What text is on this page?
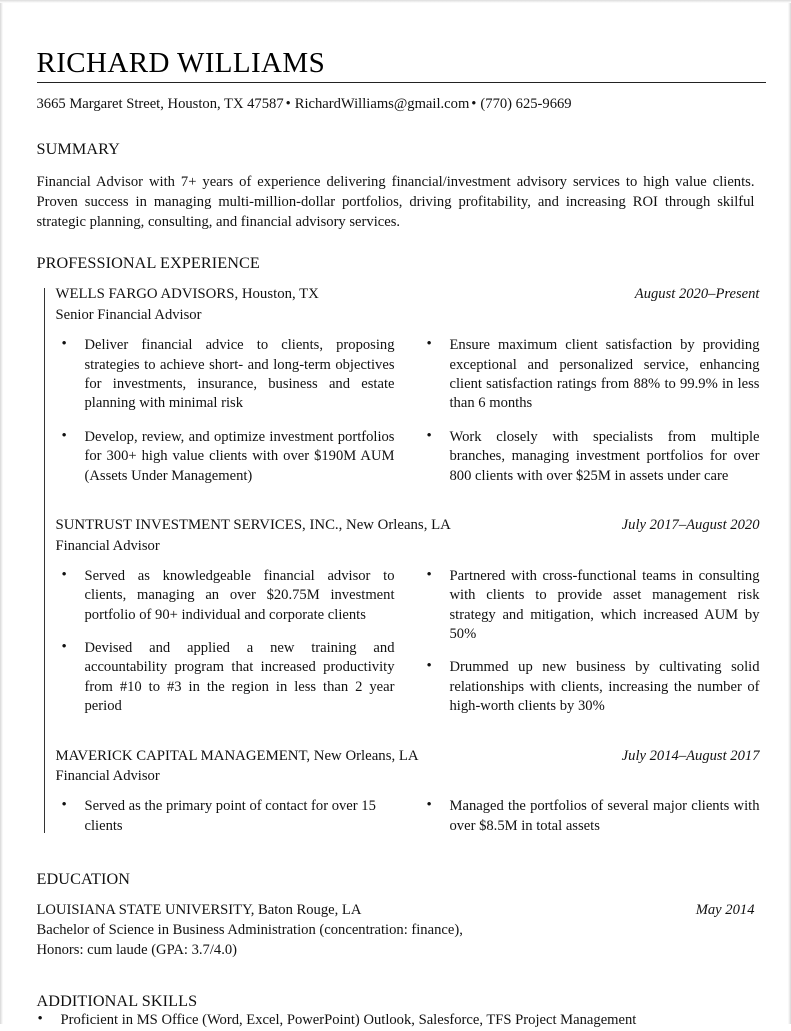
RICHARD WILLIAMS
3665 Margaret Street, Houston, TX 47587 • RichardWilliams@gmail.com • (770) 625-9669
SUMMARY

Financial Advisor with 7+ years of experience delivering financial/investment advisory services to high value clients. Proven success in managing multi-million-dollar portfolios, driving profitability, and increasing ROI through skilful strategic planning, consulting, and financial advisory services.

PROFESSIONAL EXPERIENCE
WELLS FARGO ADVISORS, Houston, TX	August 2020–Present
Senior Financial Advisor
• Deliver financial advice to clients, proposing strategies to achieve short- and long-term objectives for investments, insurance, business and estate planning with minimal risk
• Develop, review, and optimize investment portfolios for 300+ high value clients with over $190M AUM (Assets Under Management)
• Ensure maximum client satisfaction by providing exceptional and personalized service, enhancing client satisfaction ratings from 88% to 99.9% in less than 6 months
• Work closely with specialists from multiple branches, managing investment portfolios for over 800 clients with over $25M in assets under care
SUNTRUST INVESTMENT SERVICES, INC., New Orleans, LA	July 2017–August 2020
Financial Advisor
• Served as knowledgeable financial advisor to clients, managing an over $20.75M investment portfolio of 90+ individual and corporate clients
• Devised and applied a new training and accountability program that increased productivity from #10 to #3 in the region in less than 2 year period
• Partnered with cross-functional teams in consulting with clients to provide asset management risk strategy and mitigation, which increased AUM by 50%
• Drummed up new business by cultivating solid relationships with clients, increasing the number of high-worth clients by 30%
MAVERICK CAPITAL MANAGEMENT, New Orleans, LA	July 2014–August 2017
Financial Advisor
• Served as the primary point of contact for over 15 clients
• Managed the portfolios of several major clients with over $8.5M in total assets
EDUCATION
LOUISIANA STATE UNIVERSITY, Baton Rouge, LA	May 2014
Bachelor of Science in Business Administration (concentration: finance),
Honors: cum laude (GPA: 3.7/4.0)
ADDITIONAL SKILLS
• Proficient in MS Office (Word, Excel, PowerPoint) Outlook, Salesforce, TFS Project Management
